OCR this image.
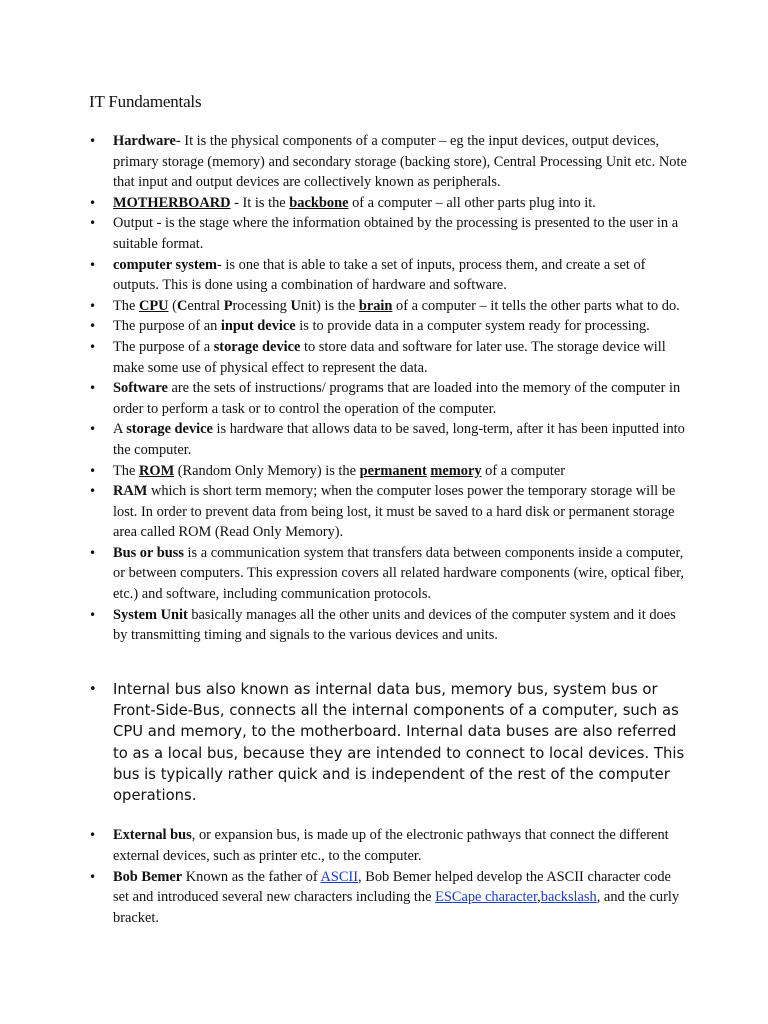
IT Fundamentals
• Hardware- It is the physical components of a computer – eg the input devices, output devices, primary storage (memory) and secondary storage (backing store), Central Processing Unit etc. Note that input and output devices are collectively known as peripherals.
• MOTHERBOARD - It is the backbone of a computer – all other parts plug into it.
• Output - is the stage where the information obtained by the processing is presented to the user in a suitable format.
• computer system- is one that is able to take a set of inputs, process them, and create a set of outputs. This is done using a combination of hardware and software.
• The CPU (Central Processing Unit) is the brain of a computer – it tells the other parts what to do.
• The purpose of an input device is to provide data in a computer system ready for processing.
• The purpose of a storage device to store data and software for later use. The storage device will make some use of physical effect to represent the data.
• Software are the sets of instructions/ programs that are loaded into the memory of the computer in order to perform a task or to control the operation of the computer.
• A storage device is hardware that allows data to be saved, long-term, after it has been inputted into the computer.
• The ROM (Random Only Memory) is the permanent memory of a computer
• RAM which is short term memory; when the computer loses power the temporary storage will be lost. In order to prevent data from being lost, it must be saved to a hard disk or permanent storage area called ROM (Read Only Memory).
• Bus or buss is a communication system that transfers data between components inside a computer, or between computers. This expression covers all related hardware components (wire, optical fiber, etc.) and software, including communication protocols.
• System Unit basically manages all the other units and devices of the computer system and it does by transmitting timing and signals to the various devices and units.
• Internal bus also known as internal data bus, memory bus, system bus or Front-Side-Bus, connects all the internal components of a computer, such as CPU and memory, to the motherboard. Internal data buses are also referred to as a local bus, because they are intended to connect to local devices. This bus is typically rather quick and is independent of the rest of the computer operations.
• External bus, or expansion bus, is made up of the electronic pathways that connect the different external devices, such as printer etc., to the computer.
• Bob Bemer Known as the father of ASCII, Bob Bemer helped develop the ASCII character code set and introduced several new characters including the ESCape character,backslash, and the curly bracket.
